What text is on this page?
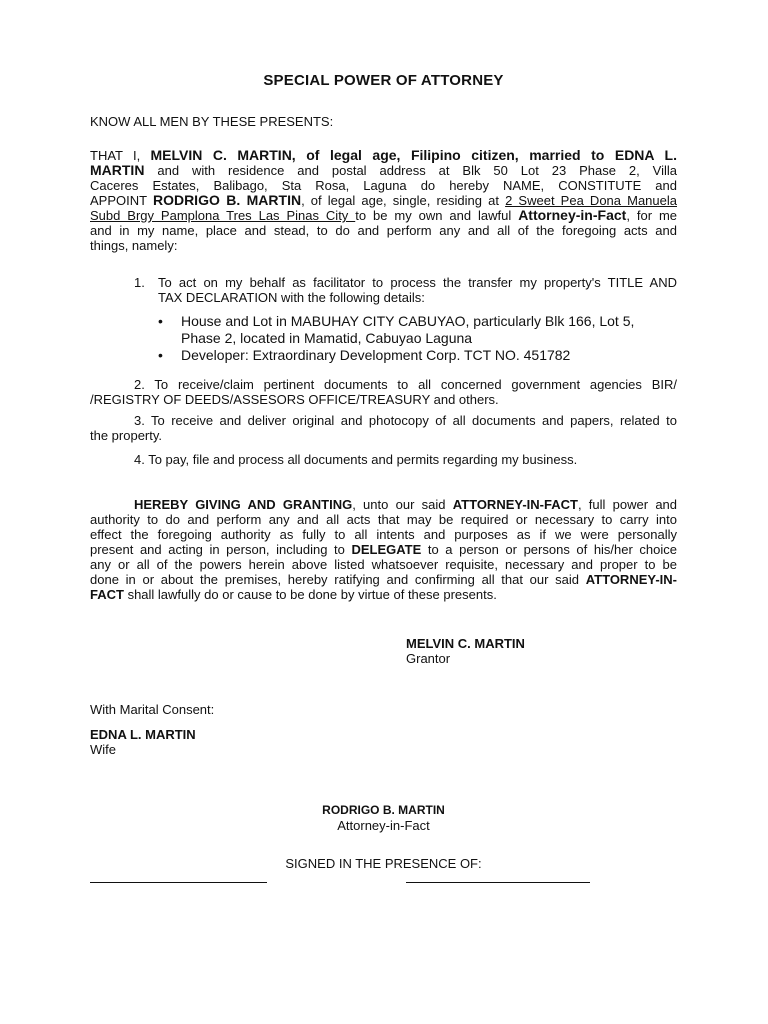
SPECIAL POWER OF ATTORNEY
KNOW ALL MEN BY THESE PRESENTS:
THAT I, MELVIN C. MARTIN, of legal age, Filipino citizen, married to EDNA L.
MARTIN and with residence and postal address at Blk 50 Lot 23 Phase 2, Villa
Caceres Estates, Balibago, Sta Rosa, Laguna do hereby NAME, CONSTITUTE and
APPOINT RODRIGO B. MARTIN, of legal age, single, residing at 2 Sweet Pea Dona Manuela
Subd Brgy Pamplona Tres Las Pinas City to be my own and lawful Attorney-in-Fact, for me
and in my name, place and stead, to do and perform any and all of the foregoing acts and
things, namely:
1. To act on my behalf as facilitator to process the transfer my property's TITLE AND
TAX DECLARATION with the following details:
• House and Lot in MABUHAY CITY CABUYAO, particularly Blk 166, Lot 5,
Phase 2, located in Mamatid, Cabuyao Laguna
• Developer: Extraordinary Development Corp. TCT NO. 451782
2. To receive/claim pertinent documents to all concerned government agencies BIR/
/REGISTRY OF DEEDS/ASSESORS OFFICE/TREASURY and others.
3. To receive and deliver original and photocopy of all documents and papers, related to
the property.
4. To pay, file and process all documents and permits regarding my business.
HEREBY GIVING AND GRANTING, unto our said ATTORNEY-IN-FACT, full power and
authority to do and perform any and all acts that may be required or necessary to carry into
effect the foregoing authority as fully to all intents and purposes as if we were personally
present and acting in person, including to DELEGATE to a person or persons of his/her choice
any or all of the powers herein above listed whatsoever requisite, necessary and proper to be
done in or about the premises, hereby ratifying and confirming all that our said ATTORNEY-IN-
FACT shall lawfully do or cause to be done by virtue of these presents.
MELVIN C. MARTIN
Grantor
With Marital Consent:
EDNA L. MARTIN
Wife
RODRIGO B. MARTIN
Attorney-in-Fact
SIGNED IN THE PRESENCE OF:
